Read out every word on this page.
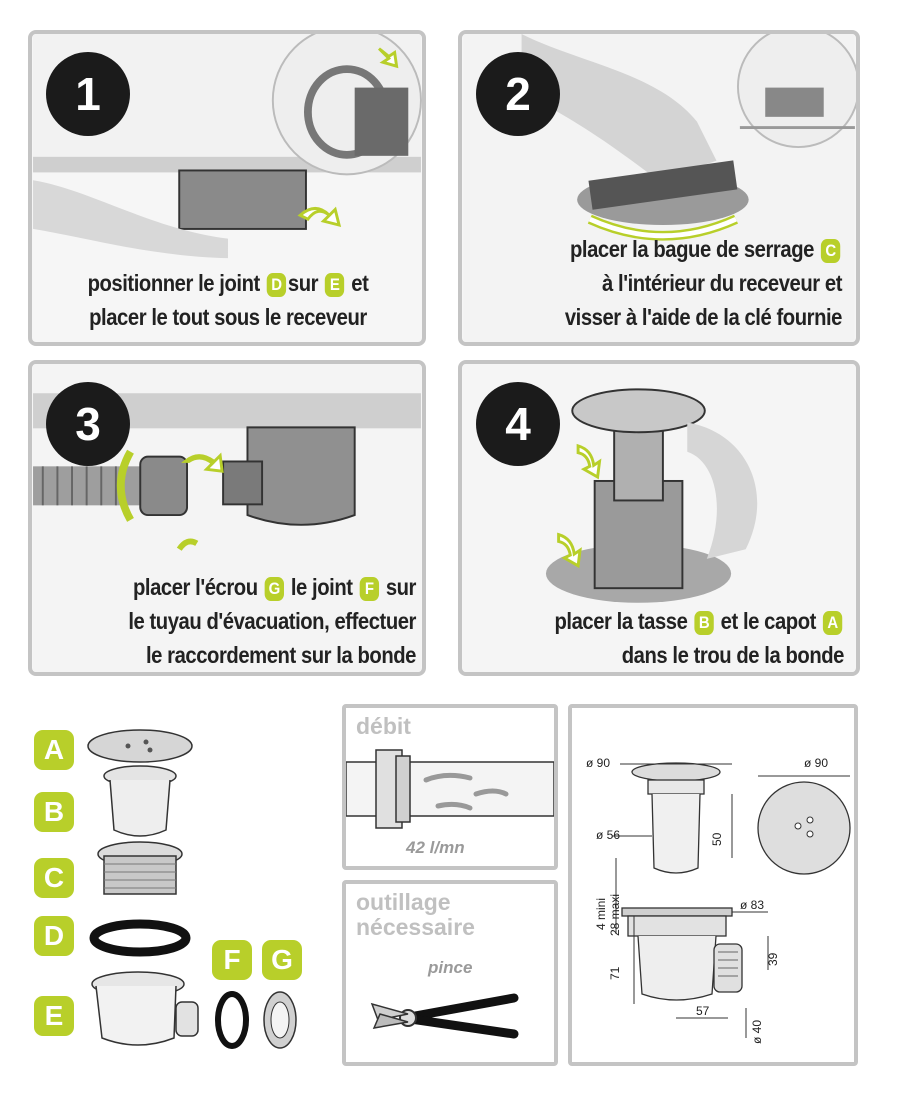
1
positionner le joint D sur E et
placer le tout sous le receveur
2
placer la bague de serrage C
à l'intérieur du receveur et
visser à l'aide de la clé fournie
3
placer l'écrou G le joint F sur
le tuyau d'évacuation, effectuer
le raccordement sur la bonde
4
placer la tasse B et le capot A
dans le trou de la bonde
A
B
C
D
E
F	G
débit
42 l/mn
outillage
nécessaire
pince
ø 90	ø 90
50
ø 56
4 mini 28 maxi	ø 83
39
71
57
ø 40
